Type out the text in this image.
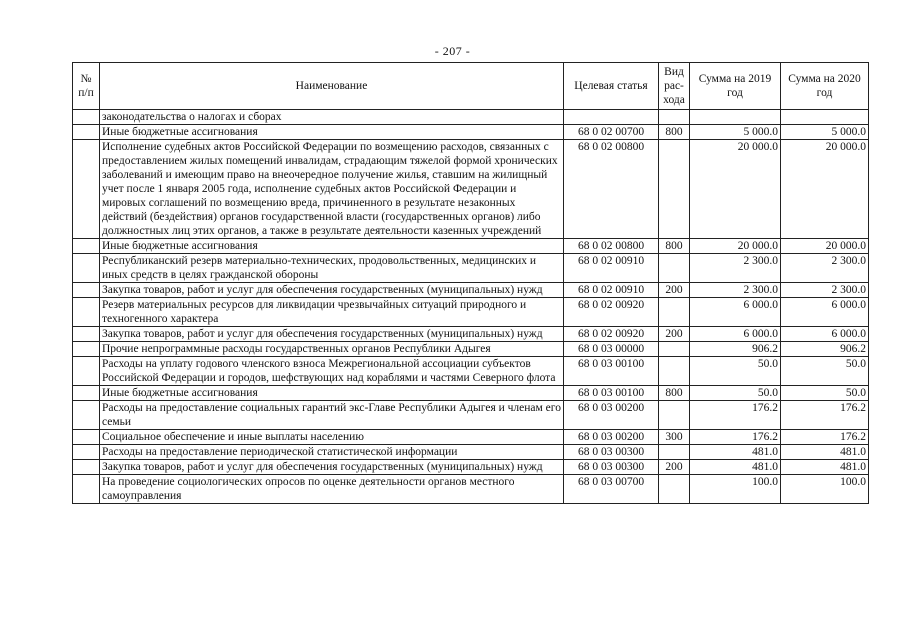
- 207 -
№ п/п	Наименование	Целевая статья	Вид рас-хода	Сумма на 2019 год	Сумма на 2020 год
	законодательства о налогах и сборах				
	Иные бюджетные ассигнования	68 0 02 00700	800	5 000.0	5 000.0
	Исполнение судебных актов Российской Федерации по возмещению расходов, связанных с предоставлением жилых помещений инвалидам, страдающим тяжелой формой хронических заболеваний и имеющим право на внеочередное получение жилья, ставшим на жилищный учет после 1 января 2005 года, исполнение судебных актов Российской Федерации и мировых соглашений по возмещению вреда, причиненного в результате незаконных действий (бездействия) органов государственной власти (государственных органов) либо должностных лиц этих органов, а также в результате деятельности казенных учреждений	68 0 02 00800		20 000.0	20 000.0
	Иные бюджетные ассигнования	68 0 02 00800	800	20 000.0	20 000.0
	Республиканский резерв материально-технических, продовольственных, медицинских и иных средств в целях гражданской обороны	68 0 02 00910		2 300.0	2 300.0
	Закупка товаров, работ и услуг для обеспечения государственных (муниципальных) нужд	68 0 02 00910	200	2 300.0	2 300.0
	Резерв материальных ресурсов для ликвидации чрезвычайных ситуаций природного и техногенного характера	68 0 02 00920		6 000.0	6 000.0
	Закупка товаров, работ и услуг для обеспечения государственных (муниципальных) нужд	68 0 02 00920	200	6 000.0	6 000.0
	Прочие непрограммные расходы государственных органов Республики Адыгея	68 0 03 00000		906.2	906.2
	Расходы на уплату годового членского взноса Межрегиональной ассоциации субъектов Российской Федерации и городов, шефствующих над кораблями и частями Северного флота	68 0 03 00100		50.0	50.0
	Иные бюджетные ассигнования	68 0 03 00100	800	50.0	50.0
	Расходы на предоставление социальных гарантий экс-Главе Республики Адыгея и членам его семьи	68 0 03 00200		176.2	176.2
	Социальное обеспечение и иные выплаты населению	68 0 03 00200	300	176.2	176.2
	Расходы на предоставление периодической статистической информации	68 0 03 00300		481.0	481.0
	Закупка товаров, работ и услуг для обеспечения государственных (муниципальных) нужд	68 0 03 00300	200	481.0	481.0
	На проведение социологических опросов по оценке деятельности органов местного самоуправления	68 0 03 00700		100.0	100.0
